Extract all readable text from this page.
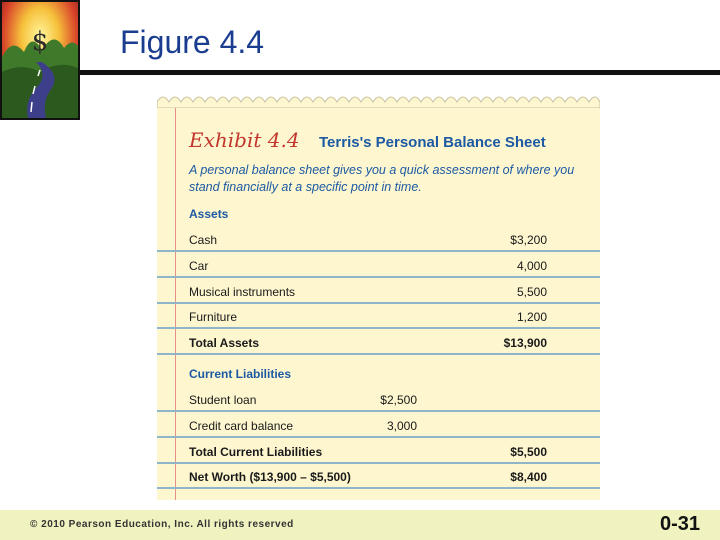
$ Figure 4.4
Exhibit 4.4 Terris's Personal Balance Sheet
A personal balance sheet gives you a quick assessment of where you stand financially at a specific point in time.
Assets
Cash	$3,200
Car	4,000
Musical instruments	5,500
Furniture	1,200
Total Assets	$13,900
Current Liabilities
Student loan	$2,500
Credit card balance	3,000
Total Current Liabilities	$5,500
Net Worth ($13,900 – $5,500)	$8,400
© 2010 Pearson Education, Inc. All rights reserved	0-31
